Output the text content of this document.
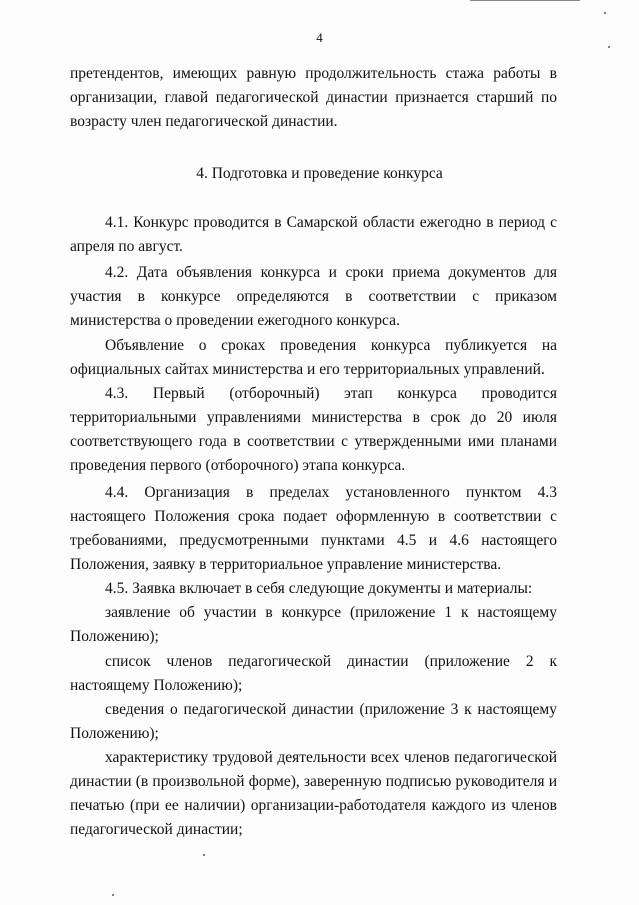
4

претендентов, имеющих равную продолжительность стажа работы в организации, главой педагогической династии признается старший по возрасту член педагогической династии.

4. Подготовка и проведение конкурса

4.1. Конкурс проводится в Самарской области ежегодно в период с апреля по август.

4.2. Дата объявления конкурса и сроки приема документов для участия в конкурсе определяются в соответствии с приказом министерства о проведении ежегодного конкурса.

Объявление о сроках проведения конкурса публикуется на официальных сайтах министерства и его территориальных управлений.

4.3. Первый (отборочный) этап конкурса проводится территориальными управлениями министерства в срок до 20 июля соответствующего года в соответствии с утвержденными ими планами проведения первого (отборочного) этапа конкурса.

4.4. Организация в пределах установленного пунктом 4.3 настоящего Положения срока подает оформленную в соответствии с требованиями, предусмотренными пунктами 4.5 и 4.6 настоящего Положения, заявку в территориальное управление министерства.

4.5. Заявка включает в себя следующие документы и материалы:

заявление об участии в конкурсе (приложение 1 к настоящему Положению);

список членов педагогической династии (приложение 2 к настоящему Положению);

сведения о педагогической династии (приложение 3 к настоящему Положению);

характеристику трудовой деятельности всех членов педагогической династии (в произвольной форме), заверенную подписью руководителя и печатью (при ее наличии) организации-работодателя каждого из членов педагогической династии;
